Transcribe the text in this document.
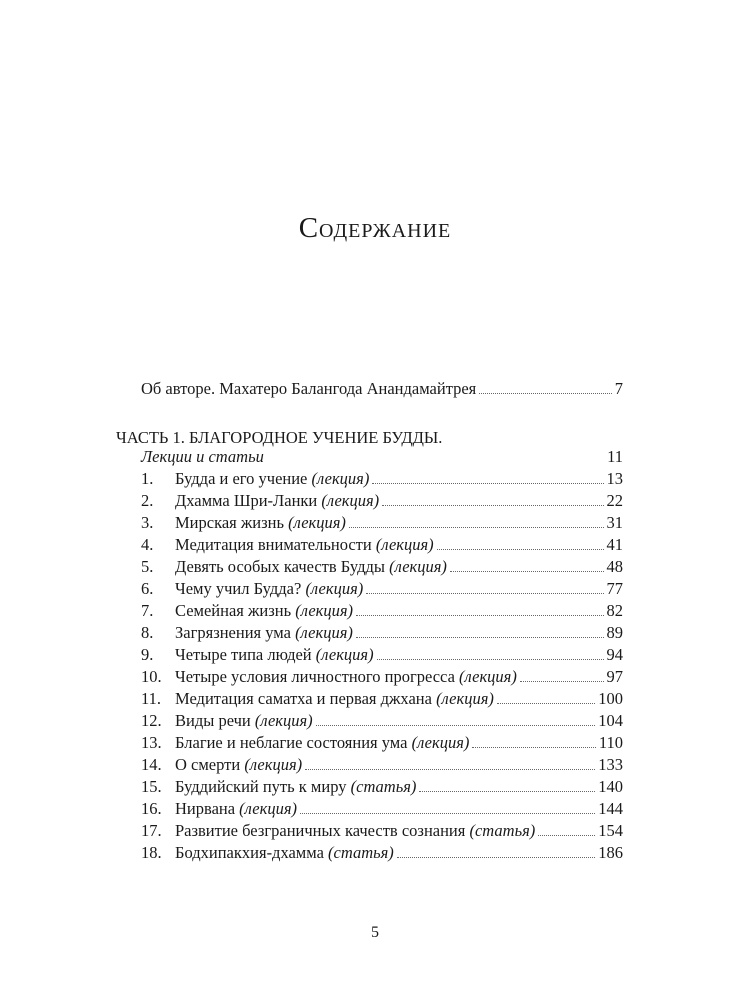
Содержание
Об авторе. Махатеро Балангода Анандамайтрея	7
ЧАСТЬ 1. БЛАГОРОДНОЕ УЧЕНИЕ БУДДЫ.
Лекции и статьи	11
1.	Будда и его учение (лекция)	13
2.	Дхамма Шри-Ланки (лекция)	22
3.	Мирская жизнь (лекция)	31
4.	Медитация внимательности (лекция)	41
5.	Девять особых качеств Будды (лекция)	48
6.	Чему учил Будда? (лекция)	77
7.	Семейная жизнь (лекция)	82
8.	Загрязнения ума (лекция)	89
9.	Четыре типа людей (лекция)	94
10. Четыре условия личностного прогресса (лекция)	97
11. Медитация саматха и первая джхана (лекция)	100
12. Виды речи (лекция)	104
13. Благие и неблагие состояния ума (лекция)	110
14. О смерти (лекция)	133
15. Буддийский путь к миру (статья)	140
16. Нирвана (лекция)	144
17. Развитие безграничных качеств сознания (статья)	154
18. Бодхипакхия-дхамма (статья)	186
5
